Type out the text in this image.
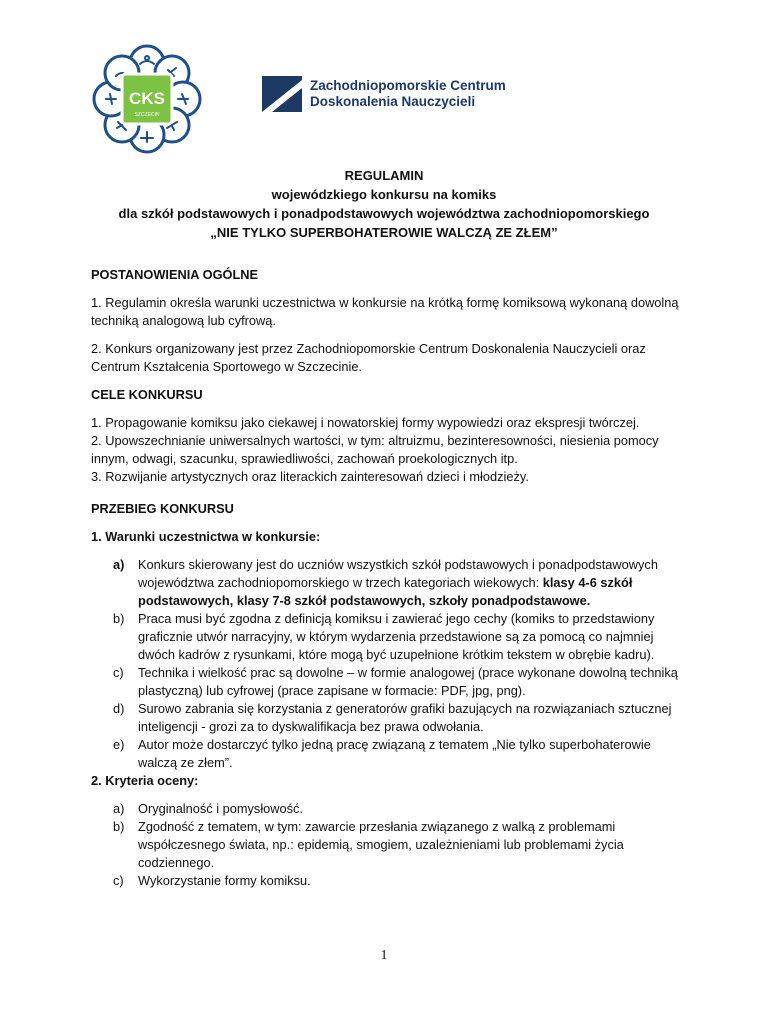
CKS
SZCZECIN
Zachodniopomorskie Centrum
Doskonalenia Nauczycieli
REGULAMIN
wojewódzkiego konkursu na komiks
dla szkół podstawowych i ponadpodstawowych województwa zachodniopomorskiego
„NIE TYLKO SUPERBOHATEROWIE WALCZĄ ZE ZŁEM”

POSTANOWIENIA OGÓLNE

1. Regulamin określa warunki uczestnictwa w konkursie na krótką formę komiksową wykonaną dowolną techniką analogową lub cyfrową.

2. Konkurs organizowany jest przez Zachodniopomorskie Centrum Doskonalenia Nauczycieli oraz Centrum Kształcenia Sportowego w Szczecinie.

CELE KONKURSU

1. Propagowanie komiksu jako ciekawej i nowatorskiej formy wypowiedzi oraz ekspresji twórczej.

2. Upowszechnianie uniwersalnych wartości, w tym: altruizmu, bezinteresowności, niesienia pomocy innym, odwagi, szacunku, sprawiedliwości, zachowań proekologicznych itp.

3. Rozwijanie artystycznych oraz literackich zainteresowań dzieci i młodzieży.

PRZEBIEG KONKURSU

1. Warunki uczestnictwa w konkursie:

a) Konkurs skierowany jest do uczniów wszystkich szkół podstawowych i ponadpodstawowych województwa zachodniopomorskiego w trzech kategoriach wiekowych: klasy 4-6 szkół podstawowych, klasy 7-8 szkół podstawowych, szkoły ponadpodstawowe.
b) Praca musi być zgodna z definicją komiksu i zawierać jego cechy (komiks to przedstawiony graficznie utwór narracyjny, w którym wydarzenia przedstawione są za pomocą co najmniej dwóch kadrów z rysunkami, które mogą być uzupełnione krótkim tekstem w obrębie kadru).
c) Technika i wielkość prac są dowolne – w formie analogowej (prace wykonane dowolną techniką plastyczną) lub cyfrowej (prace zapisane w formacie: PDF, jpg, png).
d) Surowo zabrania się korzystania z generatorów grafiki bazujących na rozwiązaniach sztucznej inteligencji - grozi za to dyskwalifikacja bez prawa odwołania.
e) Autor może dostarczyć tylko jedną pracę związaną z tematem „Nie tylko superbohaterowie walczą ze złem”.

2. Kryteria oceny:

a) Oryginalność i pomysłowość.
b) Zgodność z tematem, w tym: zawarcie przesłania związanego z walką z problemami współczesnego świata, np.: epidemią, smogiem, uzależnieniami lub problemami życia codziennego.
c) Wykorzystanie formy komiksu.
1
